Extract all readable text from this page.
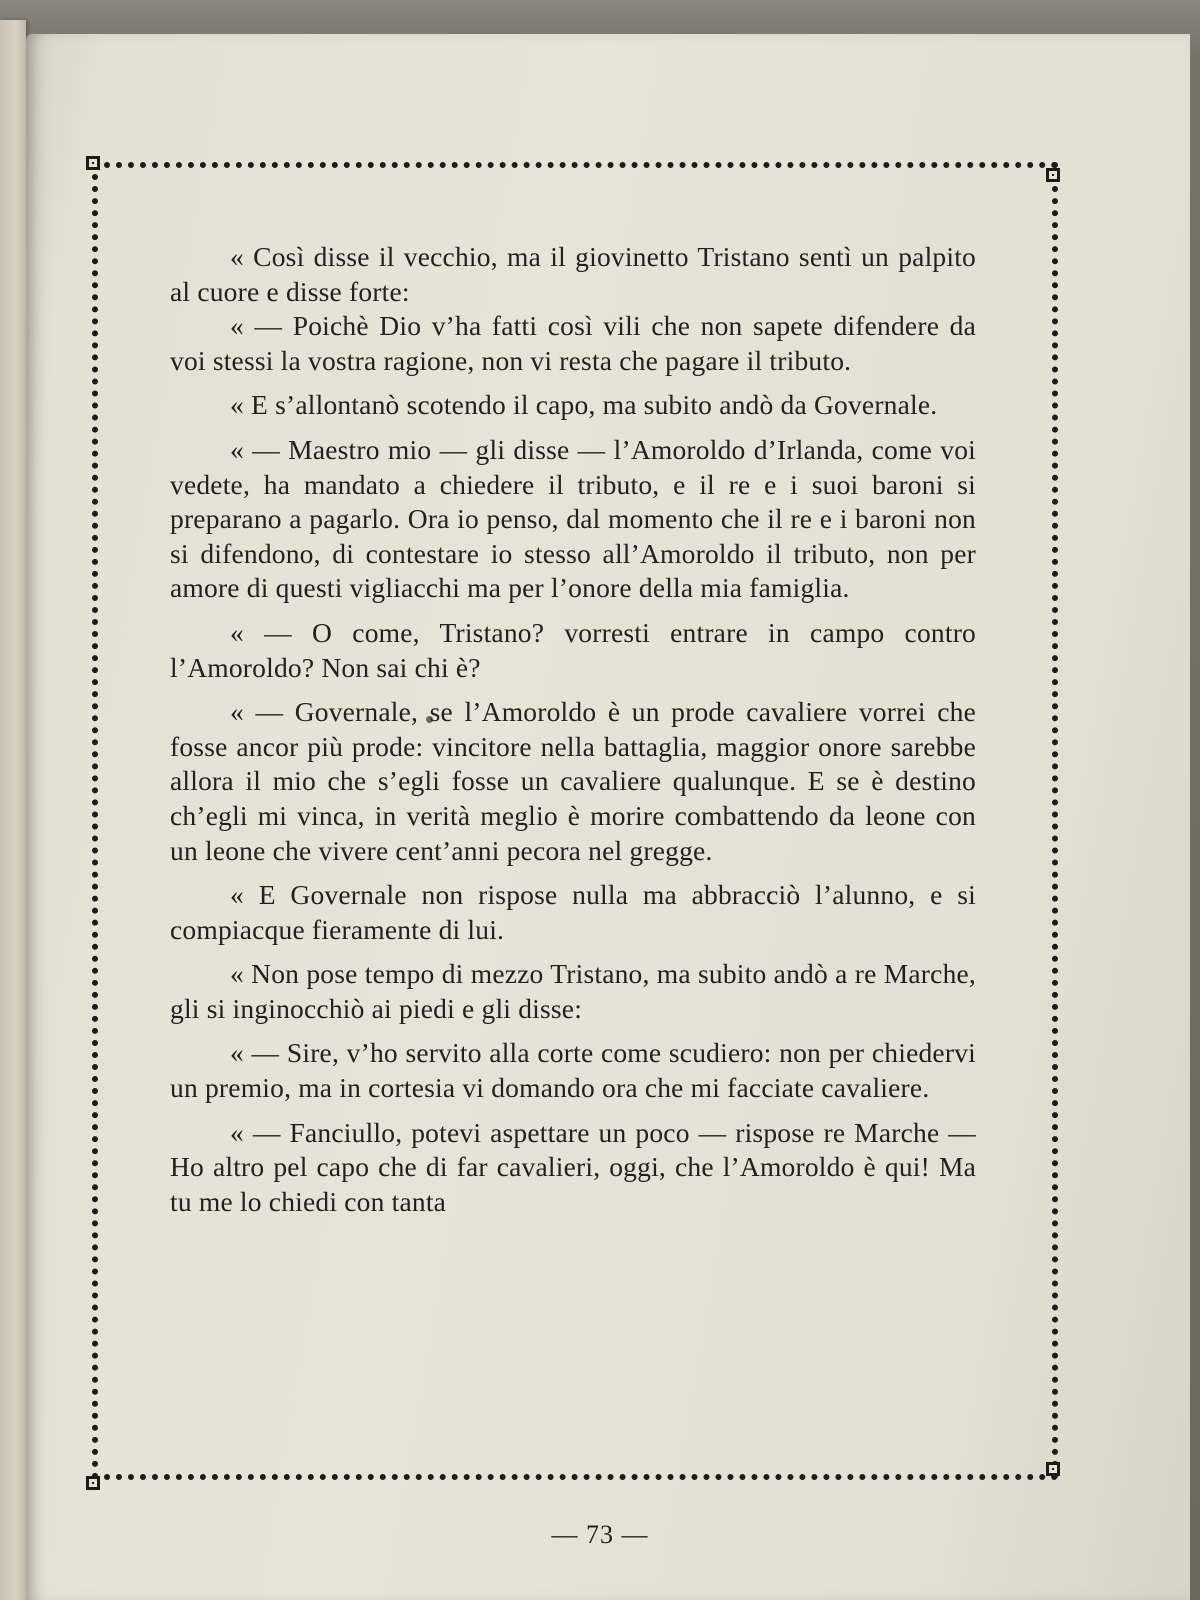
« Così disse il vecchio, ma il giovinetto Tristano sentì un palpito al cuore e disse forte:

« — Poichè Dio v’ha fatti così vili che non sapete difendere da voi stessi la vostra ragione, non vi resta che pagare il tributo.

« E s’allontanò scotendo il capo, ma subito andò da Governale.

« — Maestro mio — gli disse — l’Amoroldo d’Irlanda, come voi vedete, ha mandato a chiedere il tributo, e il re e i suoi baroni si preparano a pagarlo. Ora io penso, dal momento che il re e i baroni non si difendono, di contestare io stesso all’Amoroldo il tributo, non per amore di questi vigliacchi ma per l’onore della mia famiglia.

« — O come, Tristano? vorresti entrare in campo contro l’Amoroldo? Non sai chi è?

« — Governale, se l’Amoroldo è un prode cavaliere vorrei che fosse ancor più prode: vincitore nella battaglia, maggior onore sarebbe allora il mio che s’egli fosse un cavaliere qualunque. E se è destino ch’egli mi vinca, in verità meglio è morire combattendo da leone con un leone che vivere cent’anni pecora nel gregge.

« E Governale non rispose nulla ma abbracciò l’alunno, e si compiacque fieramente di lui.

« Non pose tempo di mezzo Tristano, ma subito andò a re Marche, gli si inginocchiò ai piedi e gli disse:

« — Sire, v’ho servito alla corte come scudiero: non per chiedervi un premio, ma in cortesia vi domando ora che mi facciate cavaliere.

« — Fanciullo, potevi aspettare un poco — rispose re Marche — Ho altro pel capo che di far cavalieri, oggi, che l’Amoroldo è qui! Ma tu me lo chiedi con tanta

— 73 —
